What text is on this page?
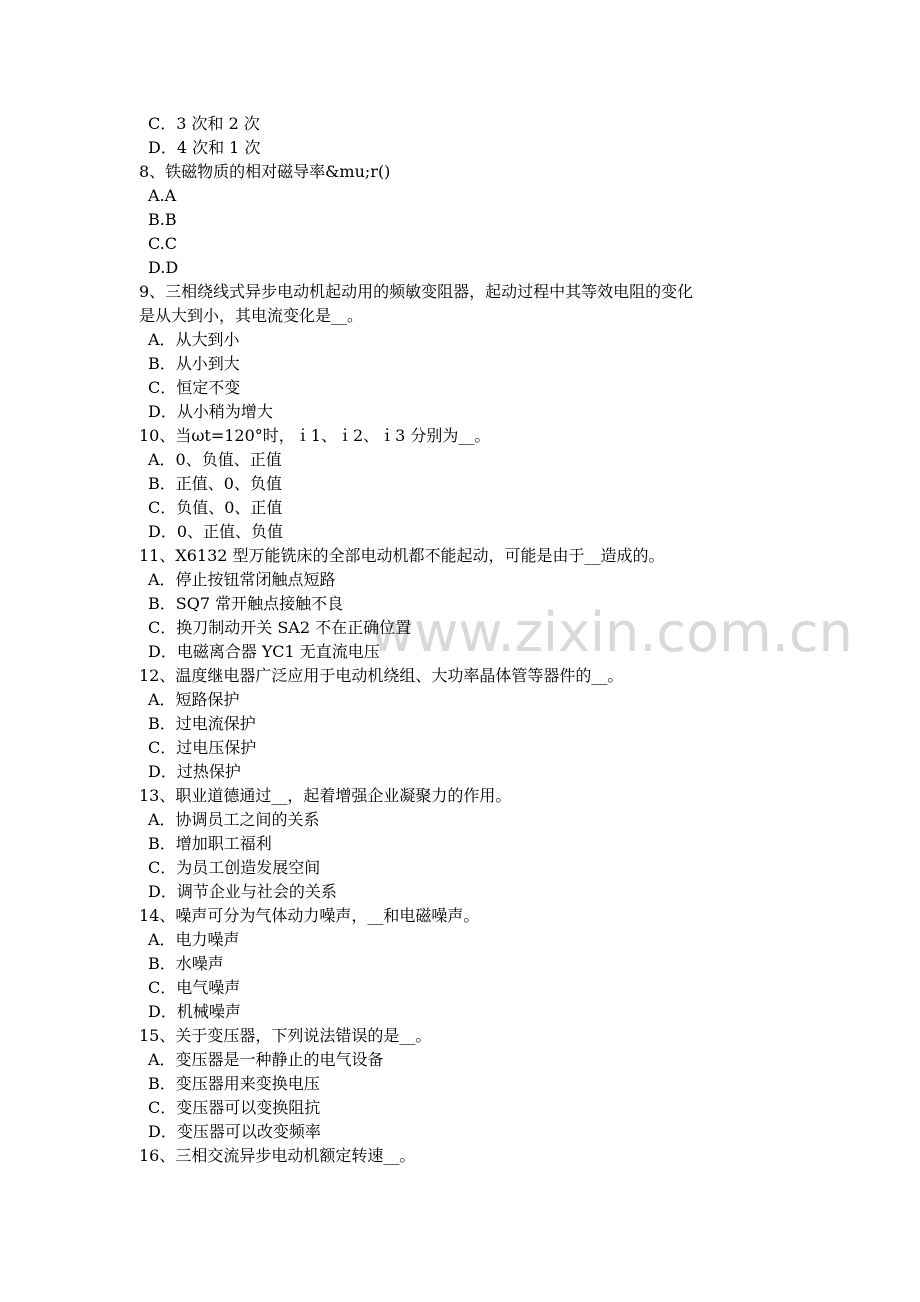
www.zixin.com.cn
C．3 次和 2 次
D．4 次和 1 次
8、铁磁物质的相对磁导率&mu;r()
A.A
B.B
C.C
D.D
9、三相绕线式异步电动机起动用的频敏变阻器，起动过程中其等效电阻的变化
是从大到小，其电流变化是__。
A．从大到小
B．从小到大
C．恒定不变
D．从小稍为增大
10、当ωt=120°时，ｉ1、ｉ2、ｉ3 分别为__。
A．0、负值、正值
B．正值、0、负值
C．负值、0、正值
D．0、正值、负值
11、X6132 型万能铣床的全部电动机都不能起动，可能是由于__造成的。
A．停止按钮常闭触点短路
B．SQ7 常开触点接触不良
C．换刀制动开关 SA2 不在正确位置
D．电磁离合器 YC1 无直流电压
12、温度继电器广泛应用于电动机绕组、大功率晶体管等器件的__。
A．短路保护
B．过电流保护
C．过电压保护
D．过热保护
13、职业道德通过__，起着增强企业凝聚力的作用。
A．协调员工之间的关系
B．增加职工福利
C．为员工创造发展空间
D．调节企业与社会的关系
14、噪声可分为气体动力噪声，__和电磁噪声。
A．电力噪声
B．水噪声
C．电气噪声
D．机械噪声
15、关于变压器，下列说法错误的是__。
A．变压器是一种静止的电气设备
B．变压器用来变换电压
C．变压器可以变换阻抗
D．变压器可以改变频率
16、三相交流异步电动机额定转速__。
